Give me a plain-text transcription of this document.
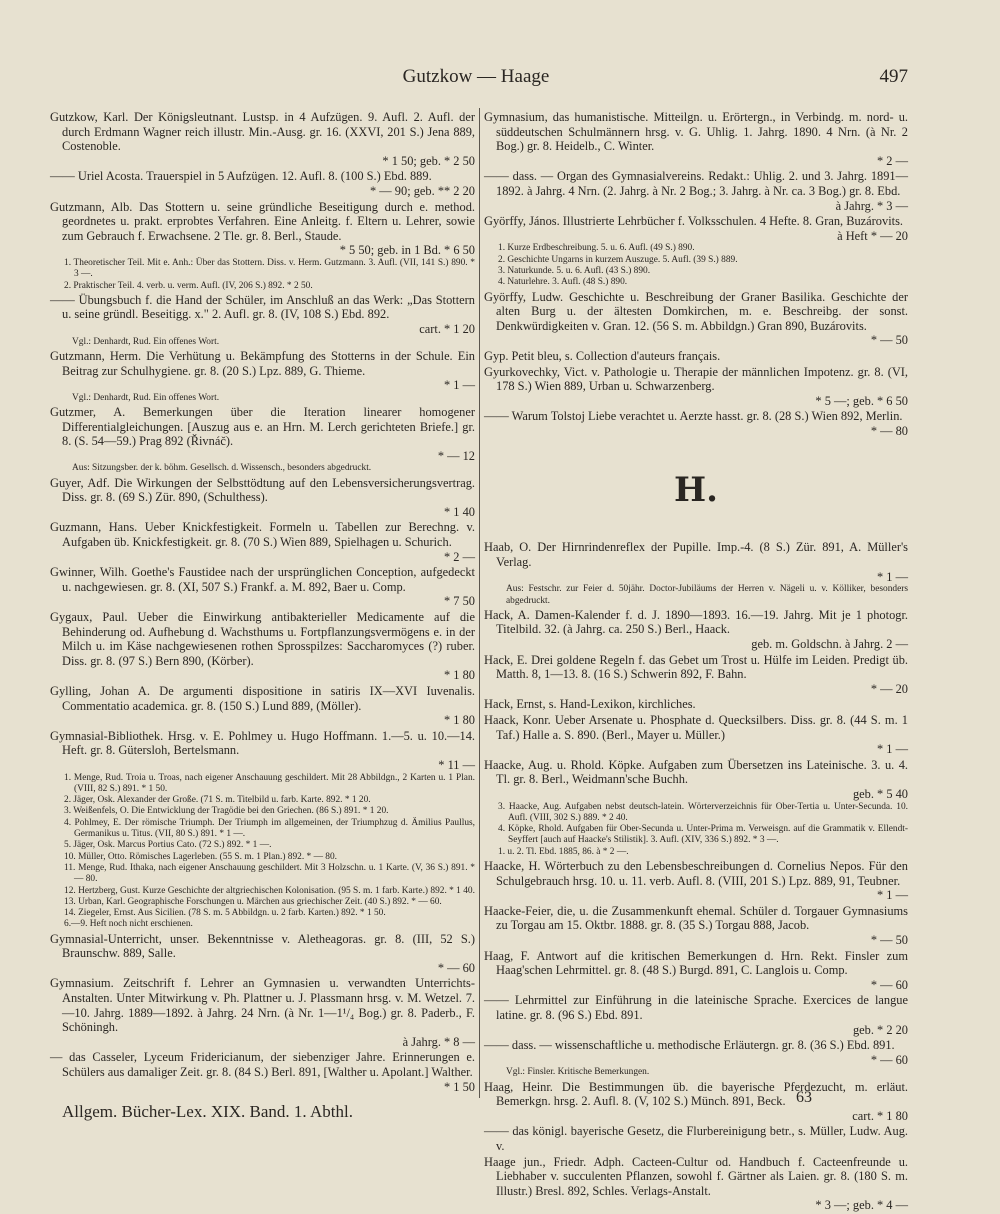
Gutzkow — Haage	497
Gutzkow, Karl. Der Königsleutnant. Lustsp. in 4 Aufzügen. 9. Aufl. 2. Aufl. der durch Erdmann Wagner reich illustr. Min.-Ausg. gr. 16. (XXVI, 201 S.) Jena 889, Costenoble.
* 1 50; geb. * 2 50
—— Uriel Acosta. Trauerspiel in 5 Aufzügen. 12. Aufl. 8. (100 S.) Ebd. 889.
* — 90; geb. ** 2 20
Gutzmann, Alb. Das Stottern u. seine gründliche Beseitigung durch e. method. geordnetes u. prakt. erprobtes Verfahren. Eine Anleitg. f. Eltern u. Lehrer, sowie zum Gebrauch f. Erwachsene. 2 Tle. gr. 8. Berl., Staude.
* 5 50; geb. in 1 Bd. * 6 50
1. Theoretischer Teil. Mit e. Anh.: Über das Stottern. Diss. v. Herm. Gutzmann. 3. Aufl. (VII, 141 S.) 890. * 3 —.
2. Praktischer Teil. 4. verb. u. verm. Aufl. (IV, 206 S.) 892. * 2 50.
—— Übungsbuch f. die Hand der Schüler, im Anschluß an das Werk: „Das Stottern u. seine gründl. Beseitigg. x." 2. Aufl. gr. 8. (IV, 108 S.) Ebd. 892.
cart. * 1 20
Vgl.: Denhardt, Rud. Ein offenes Wort.
Gutzmann, Herm. Die Verhütung u. Bekämpfung des Stotterns in der Schule. Ein Beitrag zur Schulhygiene. gr. 8. (20 S.) Lpz. 889, G. Thieme.
* 1 —
Vgl.: Denhardt, Rud. Ein offenes Wort.
Gutzmer, A. Bemerkungen über die Iteration linearer homogener Differentialgleichungen. [Auszug aus e. an Hrn. M. Lerch gerichteten Briefe.] gr. 8. (S. 54—59.) Prag 892 (Řivnáč).
* — 12
Aus: Sitzungsber. der k. böhm. Gesellsch. d. Wissensch., besonders abgedruckt.
Guyer, Adf. Die Wirkungen der Selbsttödtung auf den Lebensversicherungsvertrag. Diss. gr. 8. (69 S.) Zür. 890, (Schulthess).
* 1 40
Guzmann, Hans. Ueber Knickfestigkeit. Formeln u. Tabellen zur Berechng. v. Aufgaben üb. Knickfestigkeit. gr. 8. (70 S.) Wien 889, Spielhagen u. Schurich.
* 2 —
Gwinner, Wilh. Goethe's Faustidee nach der ursprünglichen Conception, aufgedeckt u. nachgewiesen. gr. 8. (XI, 507 S.) Frankf. a. M. 892, Baer u. Comp.
* 7 50
Gygaux, Paul. Ueber die Einwirkung antibakterieller Medicamente auf die Behinderung od. Aufhebung d. Wachsthums u. Fortpflanzungsvermögens e. in der Milch u. im Käse nachgewiesenen rothen Sprosspilzes: Saccharomyces (?) ruber. Diss. gr. 8. (97 S.) Bern 890, (Körber).
* 1 80
Gylling, Johan A. De argumenti dispositione in satiris IX—XVI Iuvenalis. Commentatio academica. gr. 8. (150 S.) Lund 889, (Möller).
* 1 80
Gymnasial-Bibliothek. Hrsg. v. E. Pohlmey u. Hugo Hoffmann. 1.—5. u. 10.—14. Heft. gr. 8. Gütersloh, Bertelsmann.
* 11 —
1. Menge, Rud. Troia u. Troas, nach eigener Anschauung geschildert. Mit 28 Abbildgn., 2 Karten u. 1 Plan. (VIII, 82 S.) 891. * 1 50.
2. Jäger, Osk. Alexander der Große. (71 S. m. Titelbild u. farb. Karte. 892. * 1 20.
3. Weißenfels, O. Die Entwicklung der Tragödie bei den Griechen. (86 S.) 891. * 1 20.
4. Pohlmey, E. Der römische Triumph. Der Triumph im allgemeinen, der Triumphzug d. Ämilius Paullus, Germanikus u. Titus. (VII, 80 S.) 891. * 1 —.
5. Jäger, Osk. Marcus Portius Cato. (72 S.) 892. * 1 —.
10. Müller, Otto. Römisches Lagerleben. (55 S. m. 1 Plan.) 892. * — 80.
11. Menge, Rud. Ithaka, nach eigener Anschauung geschildert. Mit 3 Holzschn. u. 1 Karte. (V, 36 S.) 891. * — 80.
12. Hertzberg, Gust. Kurze Geschichte der altgriechischen Kolonisation. (95 S. m. 1 farb. Karte.) 892. * 1 40.
13. Urban, Karl. Geographische Forschungen u. Märchen aus griechischer Zeit. (40 S.) 892. * — 60.
14. Ziegeler, Ernst. Aus Sicilien. (78 S. m. 5 Abbildgn. u. 2 farb. Karten.) 892. * 1 50.
6.—9. Heft noch nicht erschienen.
Gymnasial-Unterricht, unser. Bekenntnisse v. Aletheagoras. gr. 8. (III, 52 S.) Braunschw. 889, Salle.
* — 60
Gymnasium. Zeitschrift f. Lehrer an Gymnasien u. verwandten Unterrichts-Anstalten. Unter Mitwirkung v. Ph. Plattner u. J. Plassmann hrsg. v. M. Wetzel. 7.—10. Jahrg. 1889—1892. à Jahrg. 24 Nrn. (à Nr. 1—1¹/₄ Bog.) gr. 8. Paderb., F. Schöningh.
à Jahrg. * 8 —
— das Casseler, Lyceum Fridericianum, der siebenziger Jahre. Erinnerungen e. Schülers aus damaliger Zeit. gr. 8. (84 S.) Berl. 891, [Walther u. Apolant.] Walther.
* 1 50
Gymnasium, das humanistische. Mitteilgn. u. Erörtergn., in Verbindg. m. nord- u. süddeutschen Schulmännern hrsg. v. G. Uhlig. 1. Jahrg. 1890. 4 Nrn. (à Nr. 2 Bog.) gr. 8. Heidelb., C. Winter.
* 2 —
—— dass. — Organ des Gymnasialvereins. Redakt.: Uhlig. 2. und 3. Jahrg. 1891—1892. à Jahrg. 4 Nrn. (2. Jahrg. à Nr. 2 Bog.; 3. Jahrg. à Nr. ca. 3 Bog.) gr. 8. Ebd.
à Jahrg. * 3 —
Györffy, János. Illustrierte Lehrbücher f. Volksschulen. 4 Hefte. 8. Gran, Buzárovits.
à Heft * — 20
1. Kurze Erdbeschreibung. 5. u. 6. Aufl. (49 S.) 890.
2. Geschichte Ungarns in kurzem Auszuge. 5. Aufl. (39 S.) 889.
3. Naturkunde. 5. u. 6. Aufl. (43 S.) 890.
4. Naturlehre. 3. Aufl. (48 S.) 890.
Györffy, Ludw. Geschichte u. Beschreibung der Graner Basilika. Geschichte der alten Burg u. der ältesten Domkirchen, m. e. Beschreibg. der sonst. Denkwürdigkeiten v. Gran. 12. (56 S. m. Abbildgn.) Gran 890, Buzárovits.
* — 50
Gyp. Petit bleu, s. Collection d'auteurs français.
Gyurkovechky, Vict. v. Pathologie u. Therapie der männlichen Impotenz. gr. 8. (VI, 178 S.) Wien 889, Urban u. Schwarzenberg.
* 5 —; geb. * 6 50
—— Warum Tolstoj Liebe verachtet u. Aerzte hasst. gr. 8. (28 S.) Wien 892, Merlin.
* — 80
H.
Haab, O. Der Hirnrindenreflex der Pupille. Imp.-4. (8 S.) Zür. 891, A. Müller's Verlag.
* 1 —
Aus: Festschr. zur Feier d. 50jähr. Doctor-Jubiläums der Herren v. Nägeli u. v. Kölliker, besonders abgedruckt.
Hack, A. Damen-Kalender f. d. J. 1890—1893. 16.—19. Jahrg. Mit je 1 photogr. Titelbild. 32. (à Jahrg. ca. 250 S.) Berl., Haack.
geb. m. Goldschn. à Jahrg. 2 —
Hack, E. Drei goldene Regeln f. das Gebet um Trost u. Hülfe im Leiden. Predigt üb. Matth. 8, 1—13. 8. (16 S.) Schwerin 892, F. Bahn.
* — 20
Hack, Ernst, s. Hand-Lexikon, kirchliches.
Haack, Konr. Ueber Arsenate u. Phosphate d. Quecksilbers. Diss. gr. 8. (44 S. m. 1 Taf.) Halle a. S. 890. (Berl., Mayer u. Müller.)
* 1 —
Haacke, Aug. u. Rhold. Köpke. Aufgaben zum Übersetzen ins Lateinische. 3. u. 4. Tl. gr. 8. Berl., Weidmann'sche Buchh.
geb. * 5 40
3. Haacke, Aug. Aufgaben nebst deutsch-latein. Wörterverzeichnis für Ober-Tertia u. Unter-Secunda. 10. Aufl. (VIII, 302 S.) 889. * 2 40.
4. Köpke, Rhold. Aufgaben für Ober-Secunda u. Unter-Prima m. Verweisgn. auf die Grammatik v. Ellendt-Seyffert [auch auf Haacke's Stilistik]. 3. Aufl. (XIV, 336 S.) 892. * 3 —.
1. u. 2. Tl. Ebd. 1885, 86. à * 2 —.
Haacke, H. Wörterbuch zu den Lebensbeschreibungen d. Cornelius Nepos. Für den Schulgebrauch hrsg. 10. u. 11. verb. Aufl. 8. (VIII, 201 S.) Lpz. 889, 91, Teubner.
* 1 —
Haacke-Feier, die, u. die Zusammenkunft ehemal. Schüler d. Torgauer Gymnasiums zu Torgau am 15. Oktbr. 1888. gr. 8. (35 S.) Torgau 888, Jacob.
* — 50
Haag, F. Antwort auf die kritischen Bemerkungen d. Hrn. Rekt. Finsler zum Haag'schen Lehrmittel. gr. 8. (48 S.) Burgd. 891, C. Langlois u. Comp.
* — 60
—— Lehrmittel zur Einführung in die lateinische Sprache. Exercices de langue latine. gr. 8. (96 S.) Ebd. 891.
geb. * 2 20
—— dass. — wissenschaftliche u. methodische Erläutergn. gr. 8. (36 S.) Ebd. 891.
* — 60
Vgl.: Finsler. Kritische Bemerkungen.
Haag, Heinr. Die Bestimmungen üb. die bayerische Pferdezucht, m. erläut. Bemerkgn. hrsg. 2. Aufl. 8. (V, 102 S.) Münch. 891, Beck.
cart. * 1 80
—— das königl. bayerische Gesetz, die Flurbereinigung betr., s. Müller, Ludw. Aug. v.
Haage jun., Friedr. Adph. Cacteen-Cultur od. Handbuch f. Cacteenfreunde u. Liebhaber v. succulenten Pflanzen, sowohl f. Gärtner als Laien. gr. 8. (180 S. m. Illustr.) Bresl. 892, Schles. Verlags-Anstalt.
* 3 —; geb. * 4 —
Allgem. Bücher-Lex. XIX. Band. 1. Abthl.
63
